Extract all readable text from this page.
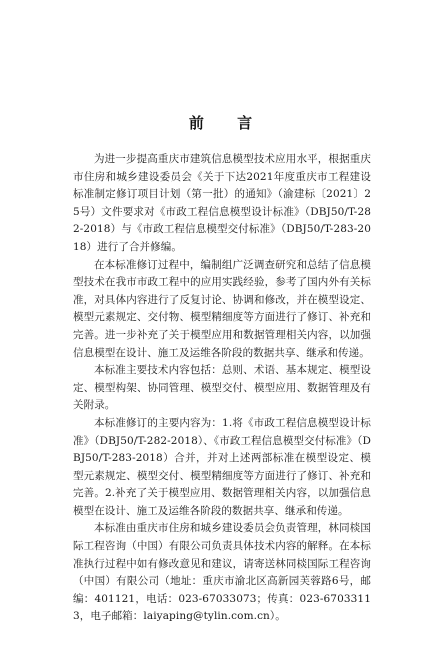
前 言

为进一步提高重庆市建筑信息模型技术应用水平，根据重庆市住房和城乡建设委员会《关于下达2021年度重庆市工程建设标准制定修订项目计划（第一批）的通知》（渝建标〔2021〕25号）文件要求对《市政工程信息模型设计标准》（DBJ50/T-282-2018）与《市政工程信息模型交付标准》（DBJ50/T-283-2018）进行了合并修编。

在本标准修订过程中，编制组广泛调查研究和总结了信息模型技术在我市市政工程中的应用实践经验，参考了国内外有关标准，对具体内容进行了反复讨论、协调和修改，并在模型设定、模型元素规定、交付物、模型精细度等方面进行了修订、补充和完善。进一步补充了关于模型应用和数据管理相关内容，以加强信息模型在设计、施工及运维各阶段的数据共享、继承和传递。

本标准主要技术内容包括：总则、术语、基本规定、模型设定、模型构架、协同管理、模型交付、模型应用、数据管理及有关附录。

本标准修订的主要内容为：1.将《市政工程信息模型设计标准》（DBJ50/T-282-2018）、《市政工程信息模型交付标准》（DBJ50/T-283-2018）合并，并对上述两部标准在模型设定、模型元素规定、模型交付、模型精细度等方面进行了修订、补充和完善。2.补充了关于模型应用、数据管理相关内容，以加强信息模型在设计、施工及运维各阶段的数据共享、继承和传递。

本标准由重庆市住房和城乡建设委员会负责管理，林同棪国际工程咨询（中国）有限公司负责具体技术内容的解释。在本标准执行过程中如有修改意见和建议，请寄送林同棪国际工程咨询（中国）有限公司（地址：重庆市渝北区高新园芙蓉路6号，邮编：401121，电话：023-67033073；传真：023-67033113，电子邮箱：laiyaping@tylin.com.cn）。
